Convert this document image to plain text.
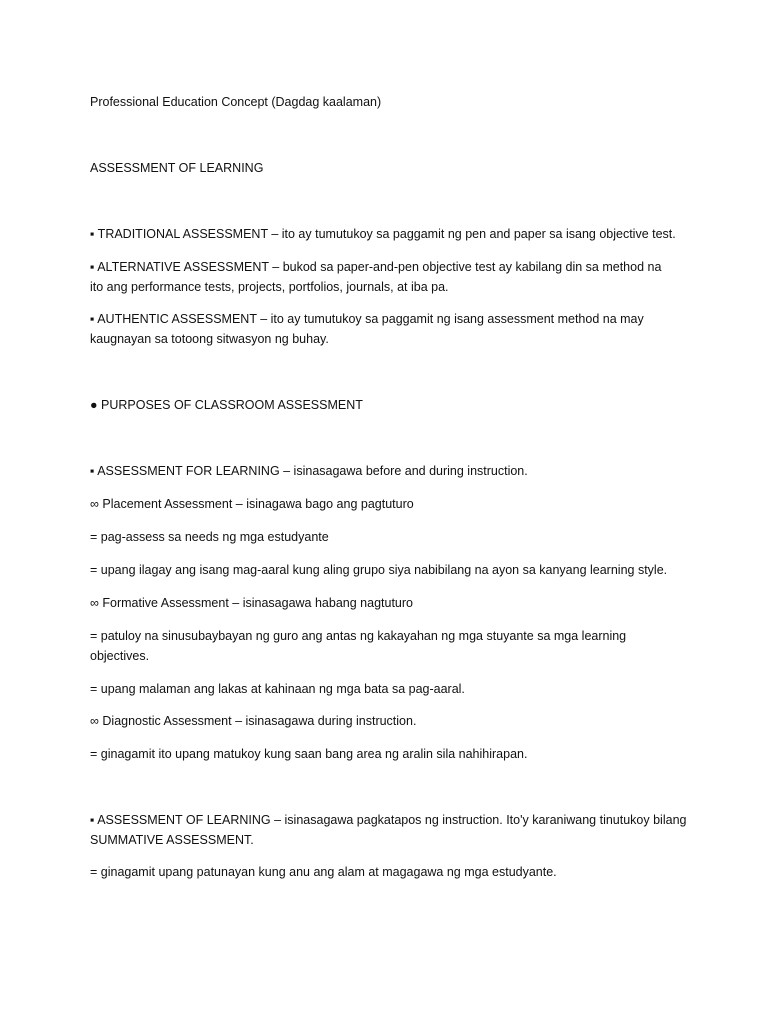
Professional Education Concept (Dagdag kaalaman)
ASSESSMENT OF LEARNING
▪ TRADITIONAL ASSESSMENT – ito ay tumutukoy sa paggamit ng pen and paper sa isang objective test.
▪ ALTERNATIVE ASSESSMENT – bukod sa paper-and-pen objective test ay kabilang din sa method na ito ang performance tests, projects, portfolios, journals, at iba pa.
▪ AUTHENTIC ASSESSMENT – ito ay tumutukoy sa paggamit ng isang assessment method na may kaugnayan sa totoong sitwasyon ng buhay.
● PURPOSES OF CLASSROOM ASSESSMENT
▪ ASSESSMENT FOR LEARNING – isinasagawa before and during instruction.
∞ Placement Assessment – isinagawa bago ang pagtuturo
= pag-assess sa needs ng mga estudyante
= upang ilagay ang isang mag-aaral kung aling grupo siya nabibilang na ayon sa kanyang learning style.
∞ Formative Assessment – isinasagawa habang nagtuturo
= patuloy na sinusubaybayan ng guro ang antas ng kakayahan ng mga stuyante sa mga learning objectives.
= upang malaman ang lakas at kahinaan ng mga bata sa pag-aaral.
∞ Diagnostic Assessment – isinasagawa during instruction.
= ginagamit ito upang matukoy kung saan bang area ng aralin sila nahihirapan.
▪ ASSESSMENT OF LEARNING – isinasagawa pagkatapos ng instruction. Ito'y karaniwang tinutukoy bilang SUMMATIVE ASSESSMENT.
= ginagamit upang patunayan kung anu ang alam at magagawa ng mga estudyante.
